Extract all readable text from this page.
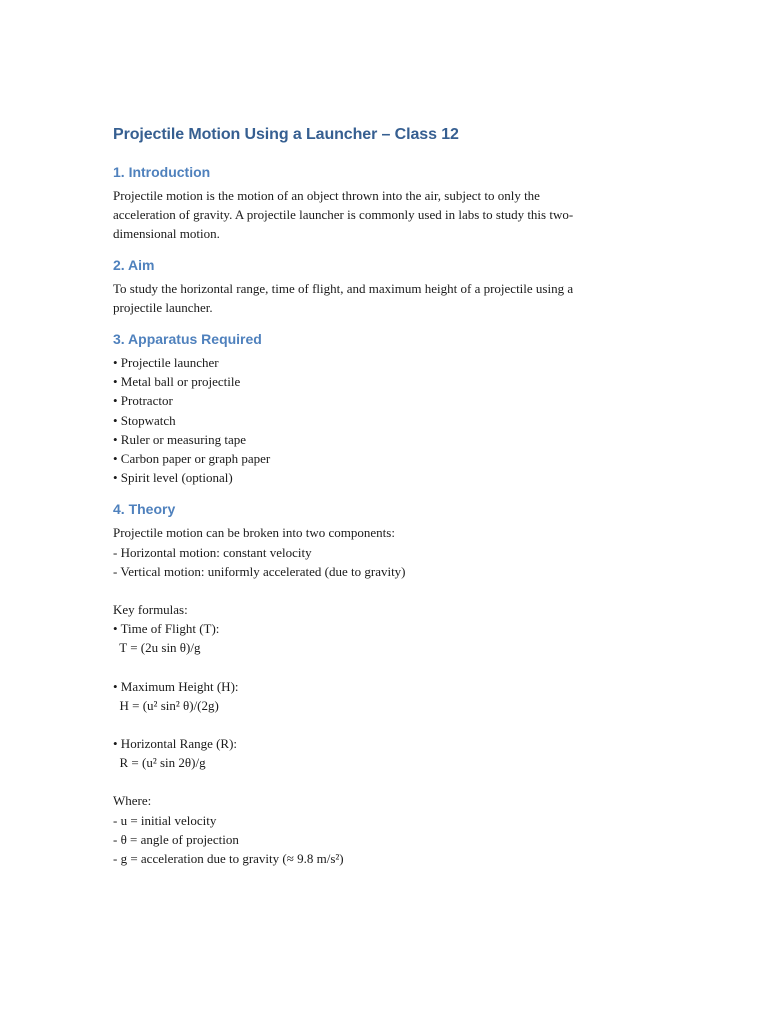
Projectile Motion Using a Launcher – Class 12
1. Introduction

Projectile motion is the motion of an object thrown into the air, subject to only the
acceleration of gravity. A projectile launcher is commonly used in labs to study this two-
dimensional motion.

2. Aim

To study the horizontal range, time of flight, and maximum height of a projectile using a
projectile launcher.

3. Apparatus Required
• Projectile launcher
• Metal ball or projectile
• Protractor
• Stopwatch
• Ruler or measuring tape
• Carbon paper or graph paper
• Spirit level (optional)
4. Theory

Projectile motion can be broken into two components:

- Horizontal motion: constant velocity

- Vertical motion: uniformly accelerated (due to gravity)

Key formulas:

• Time of Flight (T):

T = (2u sin θ)/g

• Maximum Height (H):

H = (u² sin² θ)/(2g)

• Horizontal Range (R):

R = (u² sin 2θ)/g

Where:

- u = initial velocity

- θ = angle of projection

- g = acceleration due to gravity (≈ 9.8 m/s²)
